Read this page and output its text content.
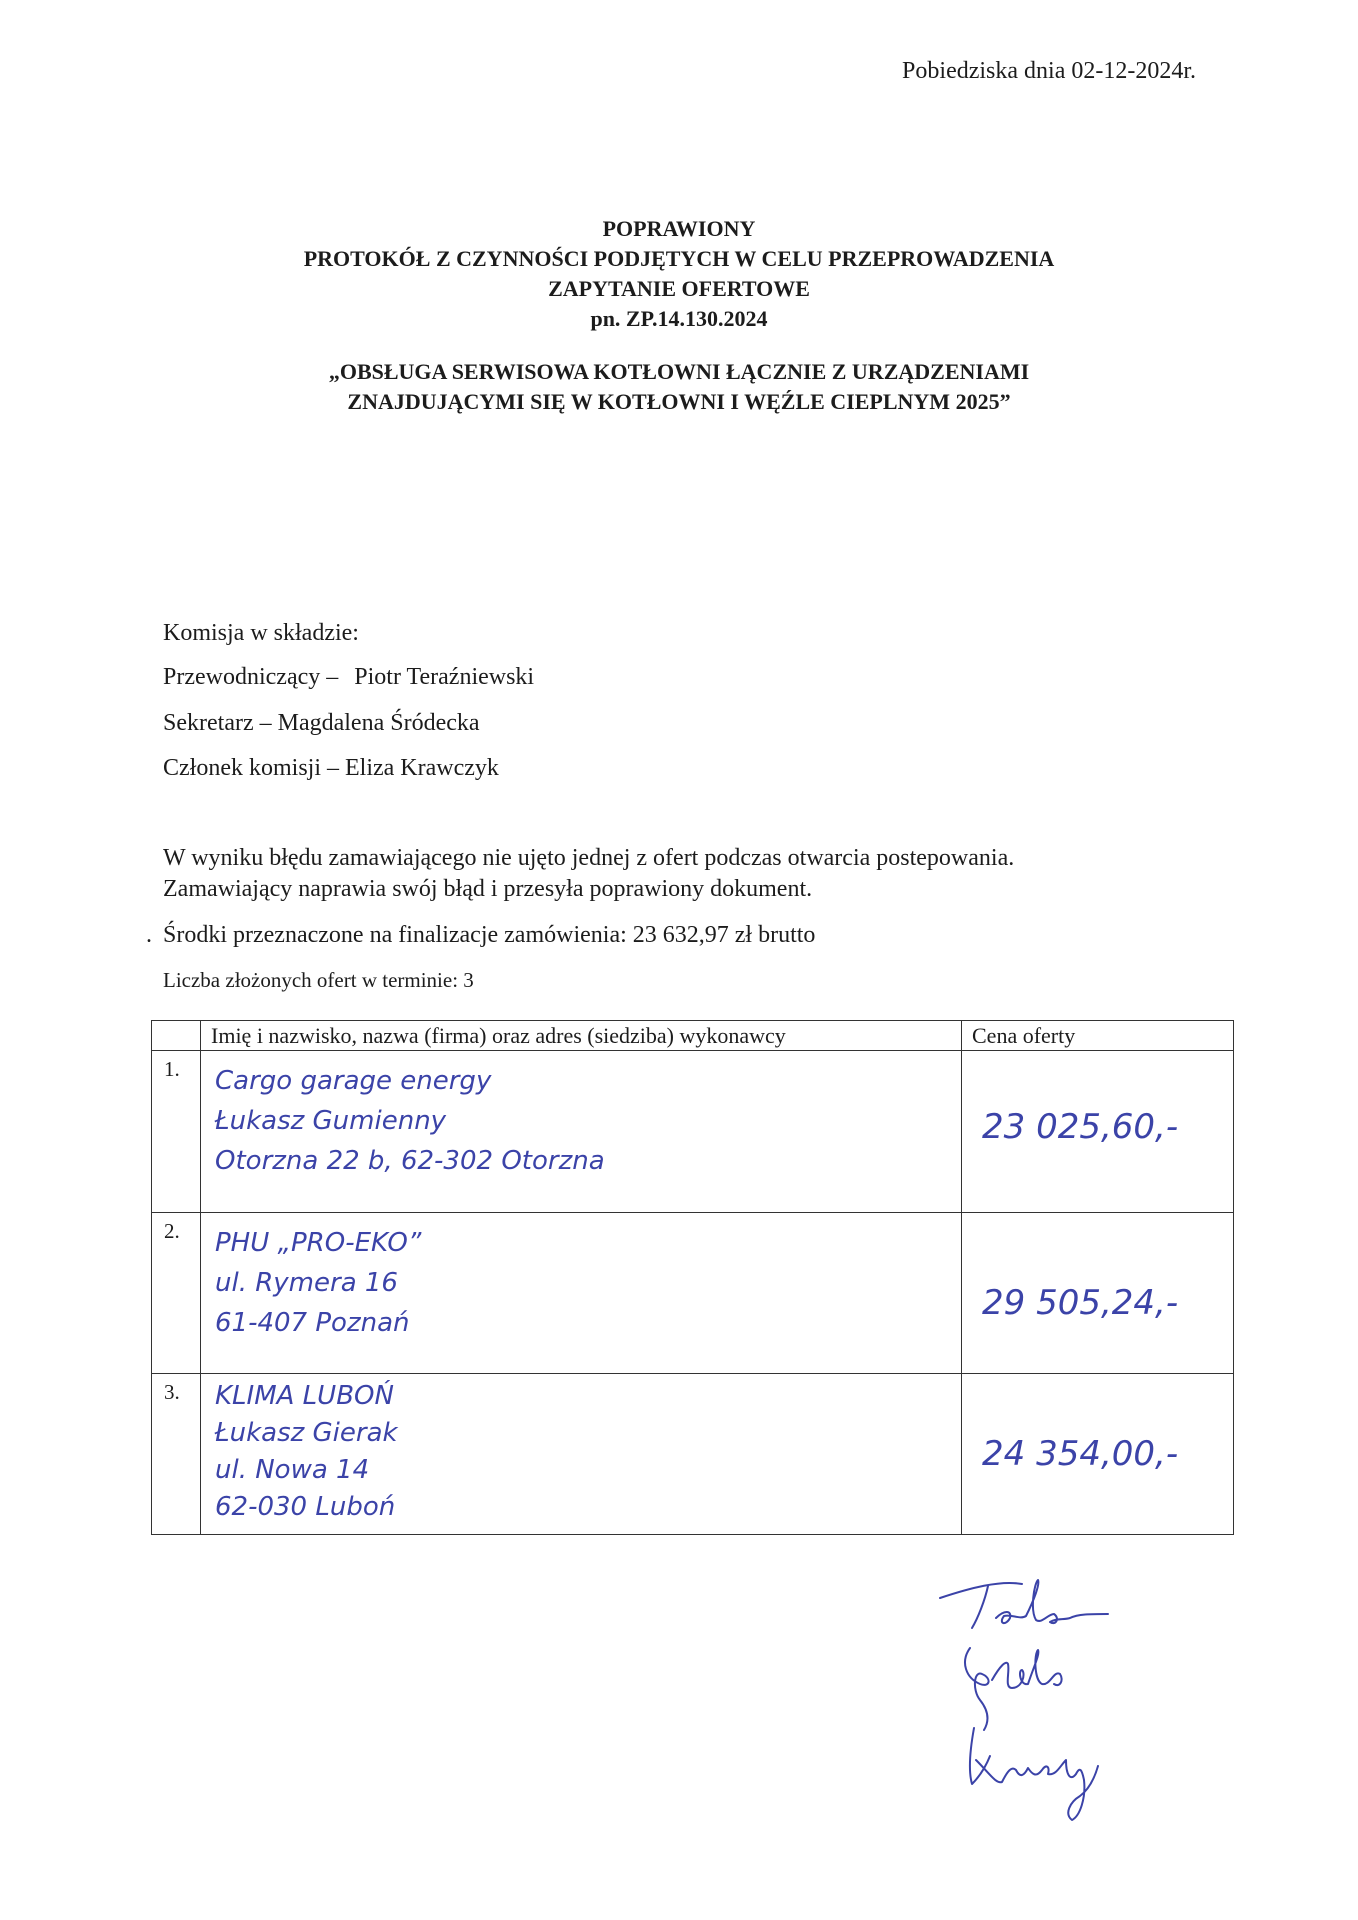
Pobiedziska dnia 02-12-2024r.
POPRAWIONY
PROTOKÓŁ Z CZYNNOŚCI PODJĘTYCH W CELU PRZEPROWADZENIA
ZAPYTANIE OFERTOWE
pn. ZP.14.130.2024
„OBSŁUGA SERWISOWA KOTŁOWNI ŁĄCZNIE Z URZĄDZENIAMI
ZNAJDUJĄCYMI SIĘ W KOTŁOWNI I WĘŹLE CIEPLNYM 2025”
Komisja w składzie:
Przewodniczący – Piotr Teraźniewski
Sekretarz – Magdalena Śródecka
Członek komisji – Eliza Krawczyk
W wyniku błędu zamawiającego nie ujęto jednej z ofert podczas otwarcia postepowania.
Zamawiający naprawia swój błąd i przesyła poprawiony dokument.
. Środki przeznaczone na finalizacje zamówienia: 23 632,97 zł brutto
Liczba złożonych ofert w terminie: 3
	Imię i nazwisko, nazwa (firma) oraz adres (siedziba) wykonawcy	Cena oferty
1.	Cargo garage energy
Łukasz Gumienny
Otorzna 22 b, 62-302 Otorzna	23 025,60,-

2.	PHU „PRO-EKO”
ul. Rymera 16
61-407 Poznań	29 505,24,-

3.	KLIMA LUBOŃ
Łukasz Gierak
ul. Nowa 14
62-030 Luboń	24 354,00,-
